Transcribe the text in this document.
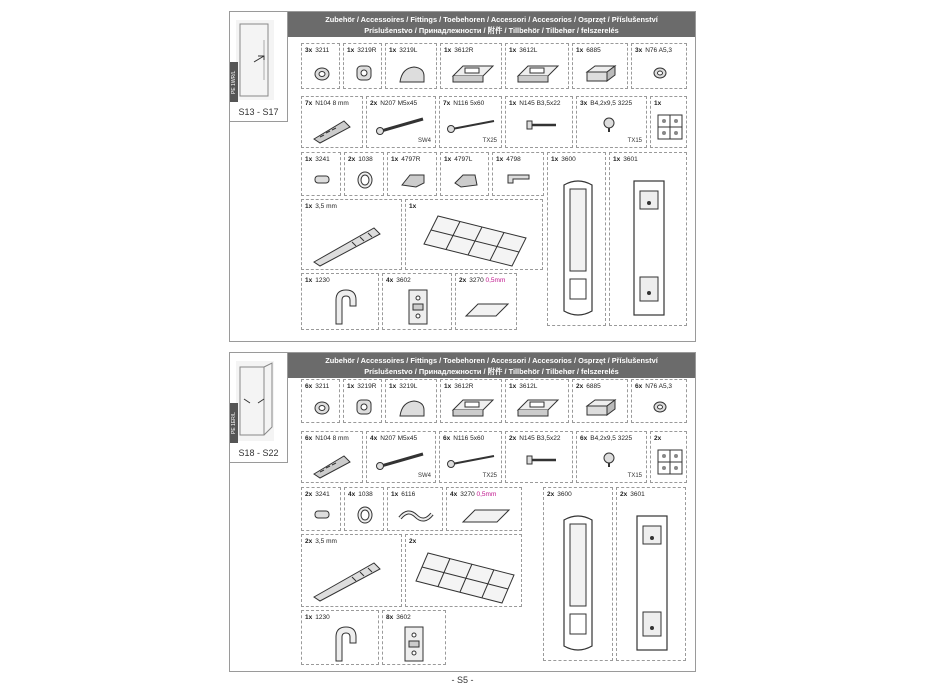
Zubehör / Accessoires / Fittings / Toebehoren / Accessori / Accesorios / Osprzęt / Příslušenství
Príslušenstvo / Принадлежности / 附件 / Tillbehör / Tilbehør / felszerelés
PE 1WR/L
S13 - S17
3x 3211	1x 3219R 1x 3219L	1x 3612R	1x 3612L	1x 6885	3x N76 A5,3
7x N104 8 mm	2x N207 M5x45
SW4
7x N116 5x60
TX25
1x N145 B3,5x22	3x B4,2x9,5 3225
TX15
1x
1x 3241	2x 1038	1x 4797R	1x 4797L	1x 4798	1x 3600	1x 3601
1x 3,5 mm	1x
1x 1230	4x 3602	2x 3270 0,5mm
Zubehör / Accessoires / Fittings / Toebehoren / Accessori / Accesorios / Osprzęt / Příslušenství
Príslušenstvo / Принадлежности / 附件 / Tillbehör / Tilbehør / felszerelés
PE 1ER/L
S18 - S22
6x 3211	1x 3219R 1x 3219L	1x 3612R	1x 3612L	2x 6885	6x N76 A5,3
6x N104 8 mm	4x N207 M5x45
SW4
6x N116 5x60
TX25
2x N145 B3,5x22	6x B4,2x9,5 3225
TX15
2x
2x 3241	4x 1038	1x 6116	4x 3270 0,5mm	2x 3600	2x 3601
2x 3,5 mm	2x
1x 1230	8x 3602
- S5 -
